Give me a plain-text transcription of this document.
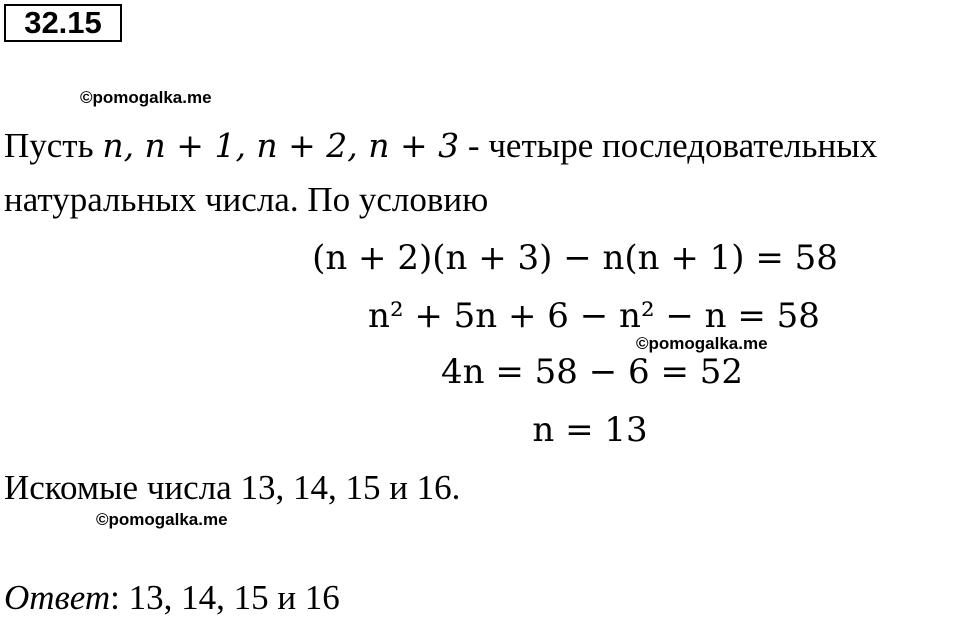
32.15
©pomogalka.me
Пусть n, n + 1, n + 2, n + 3 - четыре последовательных
натуральных числа. По условию
(n + 2)(n + 3) − n(n + 1) = 58
n² + 5n + 6 − n² − n = 58
©pomogalka.me
4n = 58 − 6 = 52
n = 13
Искомые числа 13, 14, 15 и 16.
©pomogalka.me
Ответ: 13, 14, 15 и 16
